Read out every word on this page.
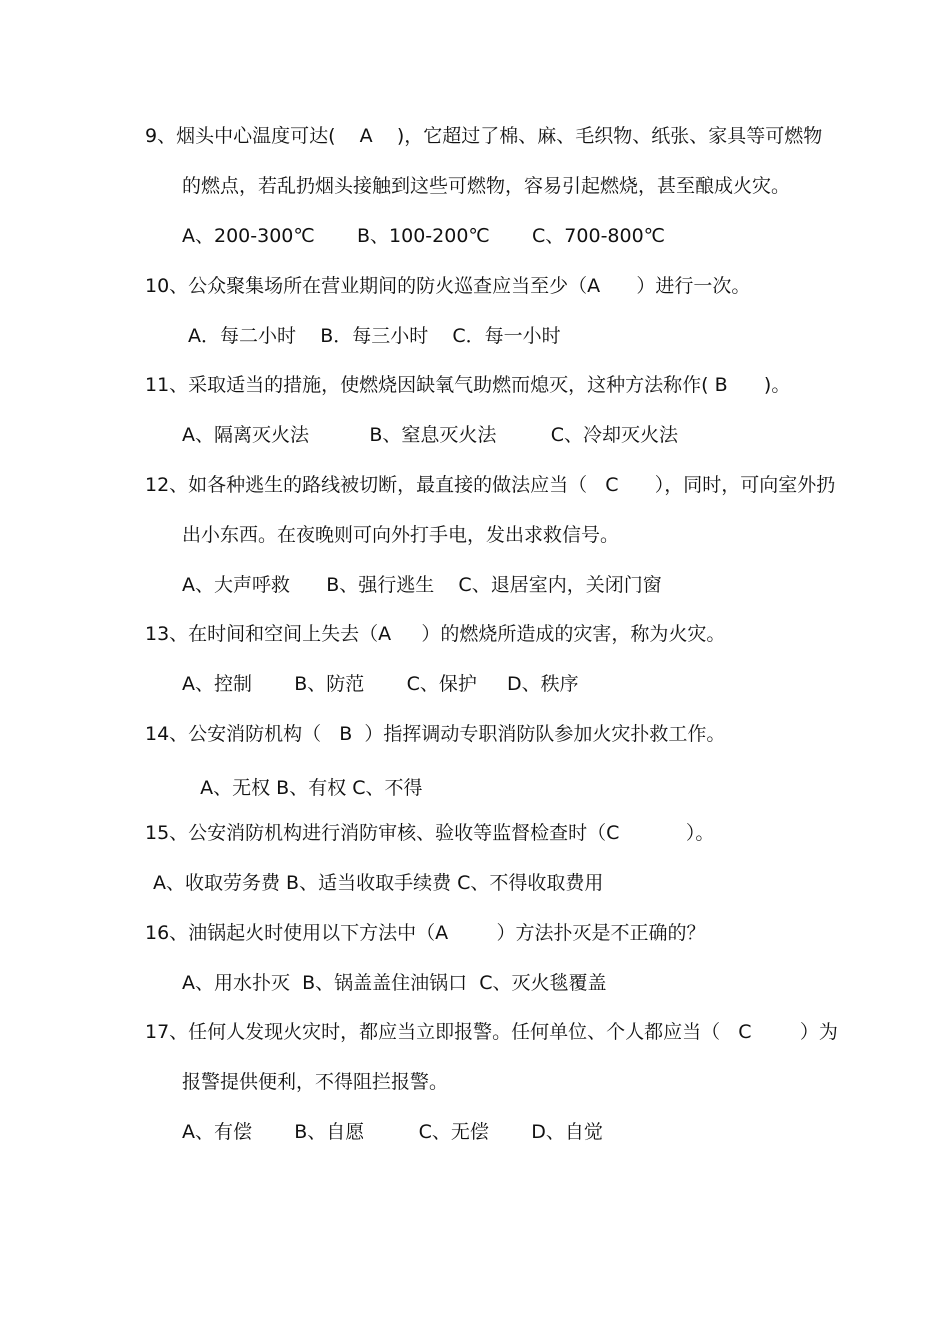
9、烟头中心温度可达(    A    )，它超过了棉、麻、毛织物、纸张、家具等可燃物
的燃点，若乱扔烟头接触到这些可燃物，容易引起燃烧，甚至酿成火灾。
A、200-300℃       B、100-200℃       C、700-800℃
10、公众聚集场所在营业期间的防火巡查应当至少（A      ）进行一次。
A．每二小时    B．每三小时    C．每一小时
11、采取适当的措施，使燃烧因缺氧气助燃而熄灭，这种方法称作( B      )。
A、隔离灭火法          B、窒息灭火法         C、冷却灭火法
12、如各种逃生的路线被切断，最直接的做法应当（   C      ），同时，可向室外扔
出小东西。在夜晚则可向外打手电，发出求救信号。
A、大声呼救      B、强行逃生    C、退居室内，关闭门窗
13、在时间和空间上失去（A     ）的燃烧所造成的灾害，称为火灾。
A、控制       B、防范       C、保护     D、秩序
14、公安消防机构（   B  ）指挥调动专职消防队参加火灾扑救工作。
A、无权 B、有权 C、不得
15、公安消防机构进行消防审核、验收等监督检查时（C           ）。
A、收取劳务费 B、适当收取手续费 C、不得收取费用
16、油锅起火时使用以下方法中（A        ）方法扑灭是不正确的？
A、用水扑灭  B、锅盖盖住油锅口  C、灭火毯覆盖
17、任何人发现火灾时，都应当立即报警。任何单位、个人都应当（   C        ）为
报警提供便利，不得阻拦报警。
A、有偿       B、自愿         C、无偿       D、自觉
